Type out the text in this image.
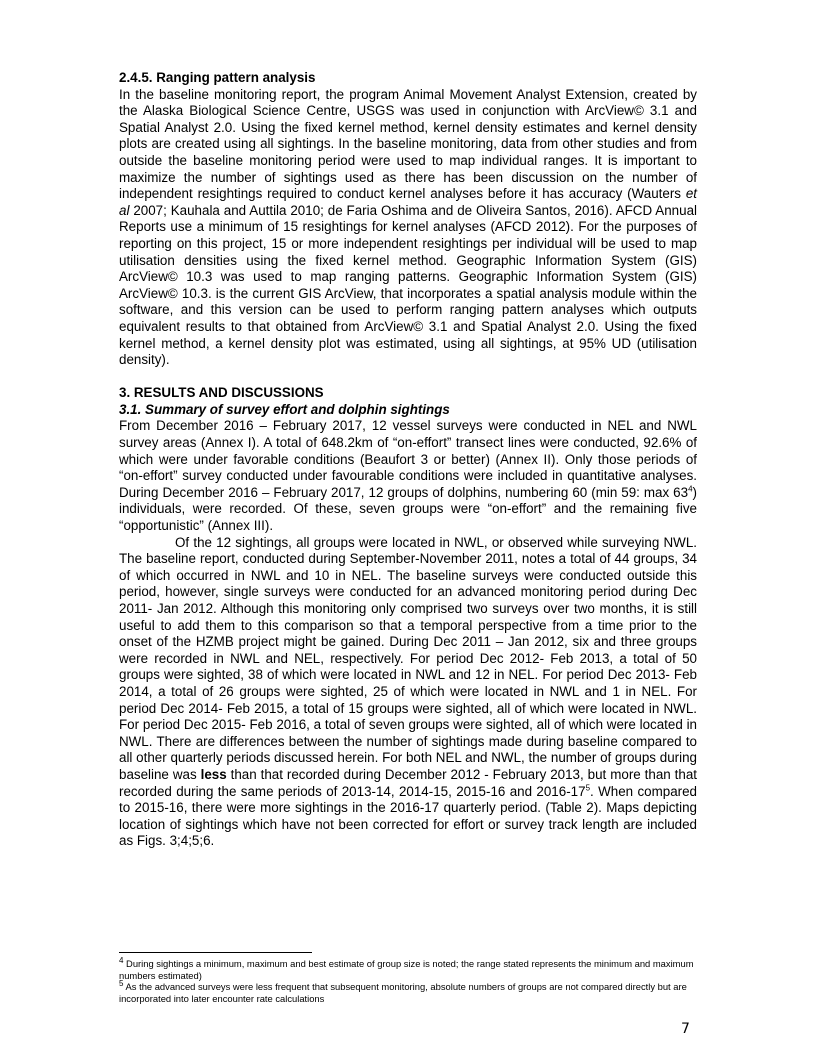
2.4.5. Ranging pattern analysis

In the baseline monitoring report, the program Animal Movement Analyst Extension, created by the Alaska Biological Science Centre, USGS was used in conjunction with ArcView© 3.1 and Spatial Analyst 2.0. Using the fixed kernel method, kernel density estimates and kernel density plots are created using all sightings. In the baseline monitoring, data from other studies and from outside the baseline monitoring period were used to map individual ranges. It is important to maximize the number of sightings used as there has been discussion on the number of independent resightings required to conduct kernel analyses before it has accuracy (Wauters et al 2007; Kauhala and Auttila 2010; de Faria Oshima and de Oliveira Santos, 2016). AFCD Annual Reports use a minimum of 15 resightings for kernel analyses (AFCD 2012). For the purposes of reporting on this project, 15 or more independent resightings per individual will be used to map utilisation densities using the fixed kernel method. Geographic Information System (GIS) ArcView© 10.3 was used to map ranging patterns. Geographic Information System (GIS) ArcView© 10.3. is the current GIS ArcView, that incorporates a spatial analysis module within the software, and this version can be used to perform ranging pattern analyses which outputs equivalent results to that obtained from ArcView© 3.1 and Spatial Analyst 2.0. Using the fixed kernel method, a kernel density plot was estimated, using all sightings, at 95% UD (utilisation density).

3. RESULTS AND DISCUSSIONS
3.1. Summary of survey effort and dolphin sightings

From December 2016 – February 2017, 12 vessel surveys were conducted in NEL and NWL survey areas (Annex I). A total of 648.2km of “on-effort” transect lines were conducted, 92.6% of which were under favorable conditions (Beaufort 3 or better) (Annex II). Only those periods of “on-effort” survey conducted under favourable conditions were included in quantitative analyses. During December 2016 – February 2017, 12 groups of dolphins, numbering 60 (min 59: $\max 63^4$) individuals, were recorded. Of these, seven groups were “on-effort” and the remaining five “opportunistic” (Annex III).

Of the 12 sightings, all groups were located in NWL, or observed while surveying NWL. The baseline report, conducted during September-November 2011, notes a total of 44 groups, 34 of which occurred in NWL and 10 in NEL. The baseline surveys were conducted outside this period, however, single surveys were conducted for an advanced monitoring period during Dec 2011- Jan 2012. Although this monitoring only comprised two surveys over two months, it is still useful to add them to this comparison so that a temporal perspective from a time prior to the onset of the HZMB project might be gained. During Dec 2011 – Jan 2012, six and three groups were recorded in NWL and NEL, respectively. For period Dec 2012- Feb 2013, a total of 50 groups were sighted, 38 of which were located in NWL and 12 in NEL. For period Dec 2013- Feb 2014, a total of 26 groups were sighted, 25 of which were located in NWL and 1 in NEL. For period Dec 2014- Feb 2015, a total of 15 groups were sighted, all of which were located in NWL. For period Dec 2015- Feb 2016, a total of seven groups were sighted, all of which were located in NWL. There are differences between the number of sightings made during baseline compared to all other quarterly periods discussed herein. For both NEL and NWL, the number of groups during baseline was less than that recorded during December 2012 - February 2013, but more than that recorded during the same periods of 2013-14, 2014-15, 2015-16 and $2016-17^5$. When compared to 2015-16, there were more sightings in the 2016-17 quarterly period. (Table 2). Maps depicting location of sightings which have not been corrected for effort or survey track length are included as Figs. 3;4;5;6.

$^4$ During sightings a minimum, maximum and best estimate of group size is noted; the range stated represents the minimum and maximum numbers estimated)

$^5$ As the advanced surveys were less frequent that subsequent monitoring, absolute numbers of groups are not compared directly but are incorporated into later encounter rate calculations

7
